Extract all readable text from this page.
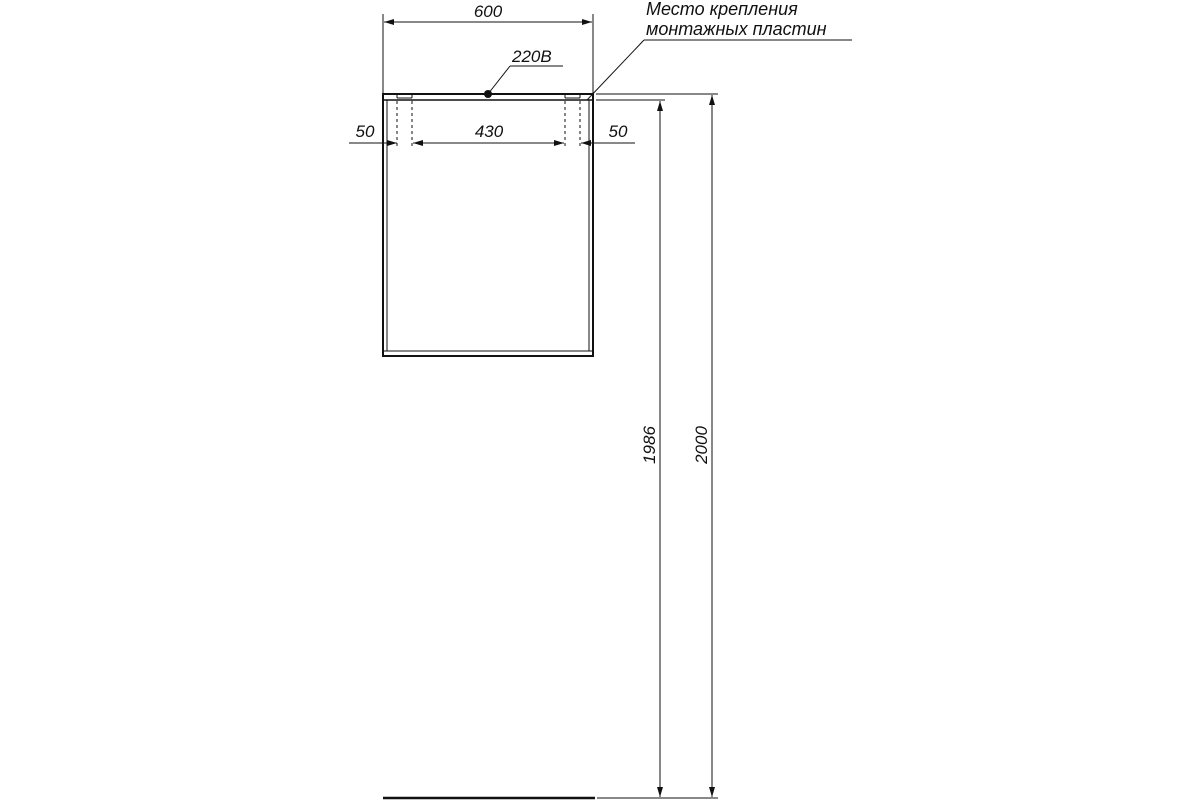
600
50	430	50
220В
Место крепления
монтажных пластин
1986 2000
